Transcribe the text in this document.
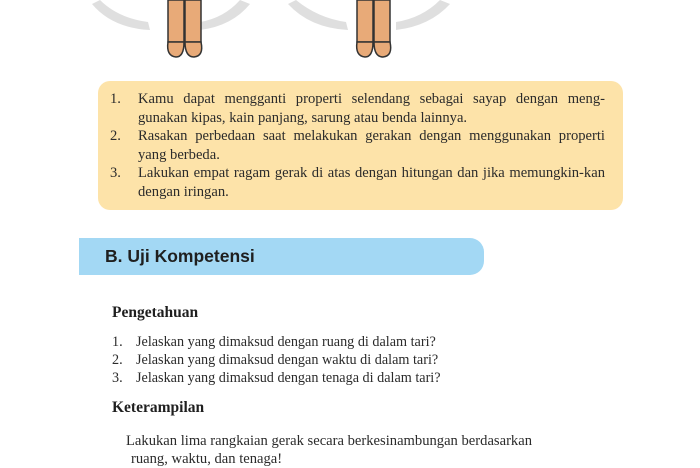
1. Kamu dapat mengganti properti selendang sebagai sayap dengan meng-gunakan kipas, kain panjang, sarung atau benda lainnya.
2. Rasakan perbedaan saat melakukan gerakan dengan menggunakan properti yang berbeda.
3. Lakukan empat ragam gerak di atas dengan hitungan dan jika memungkin-kan dengan iringan.
B. Uji Kompetensi
Pengetahuan
1. Jelaskan yang dimaksud dengan ruang di dalam tari?
2. Jelaskan yang dimaksud dengan waktu di dalam tari?
3. Jelaskan yang dimaksud dengan tenaga di dalam tari?
Keterampilan
Lakukan lima rangkaian gerak secara berkesinambungan berdasarkan
ruang, waktu, dan tenaga!
